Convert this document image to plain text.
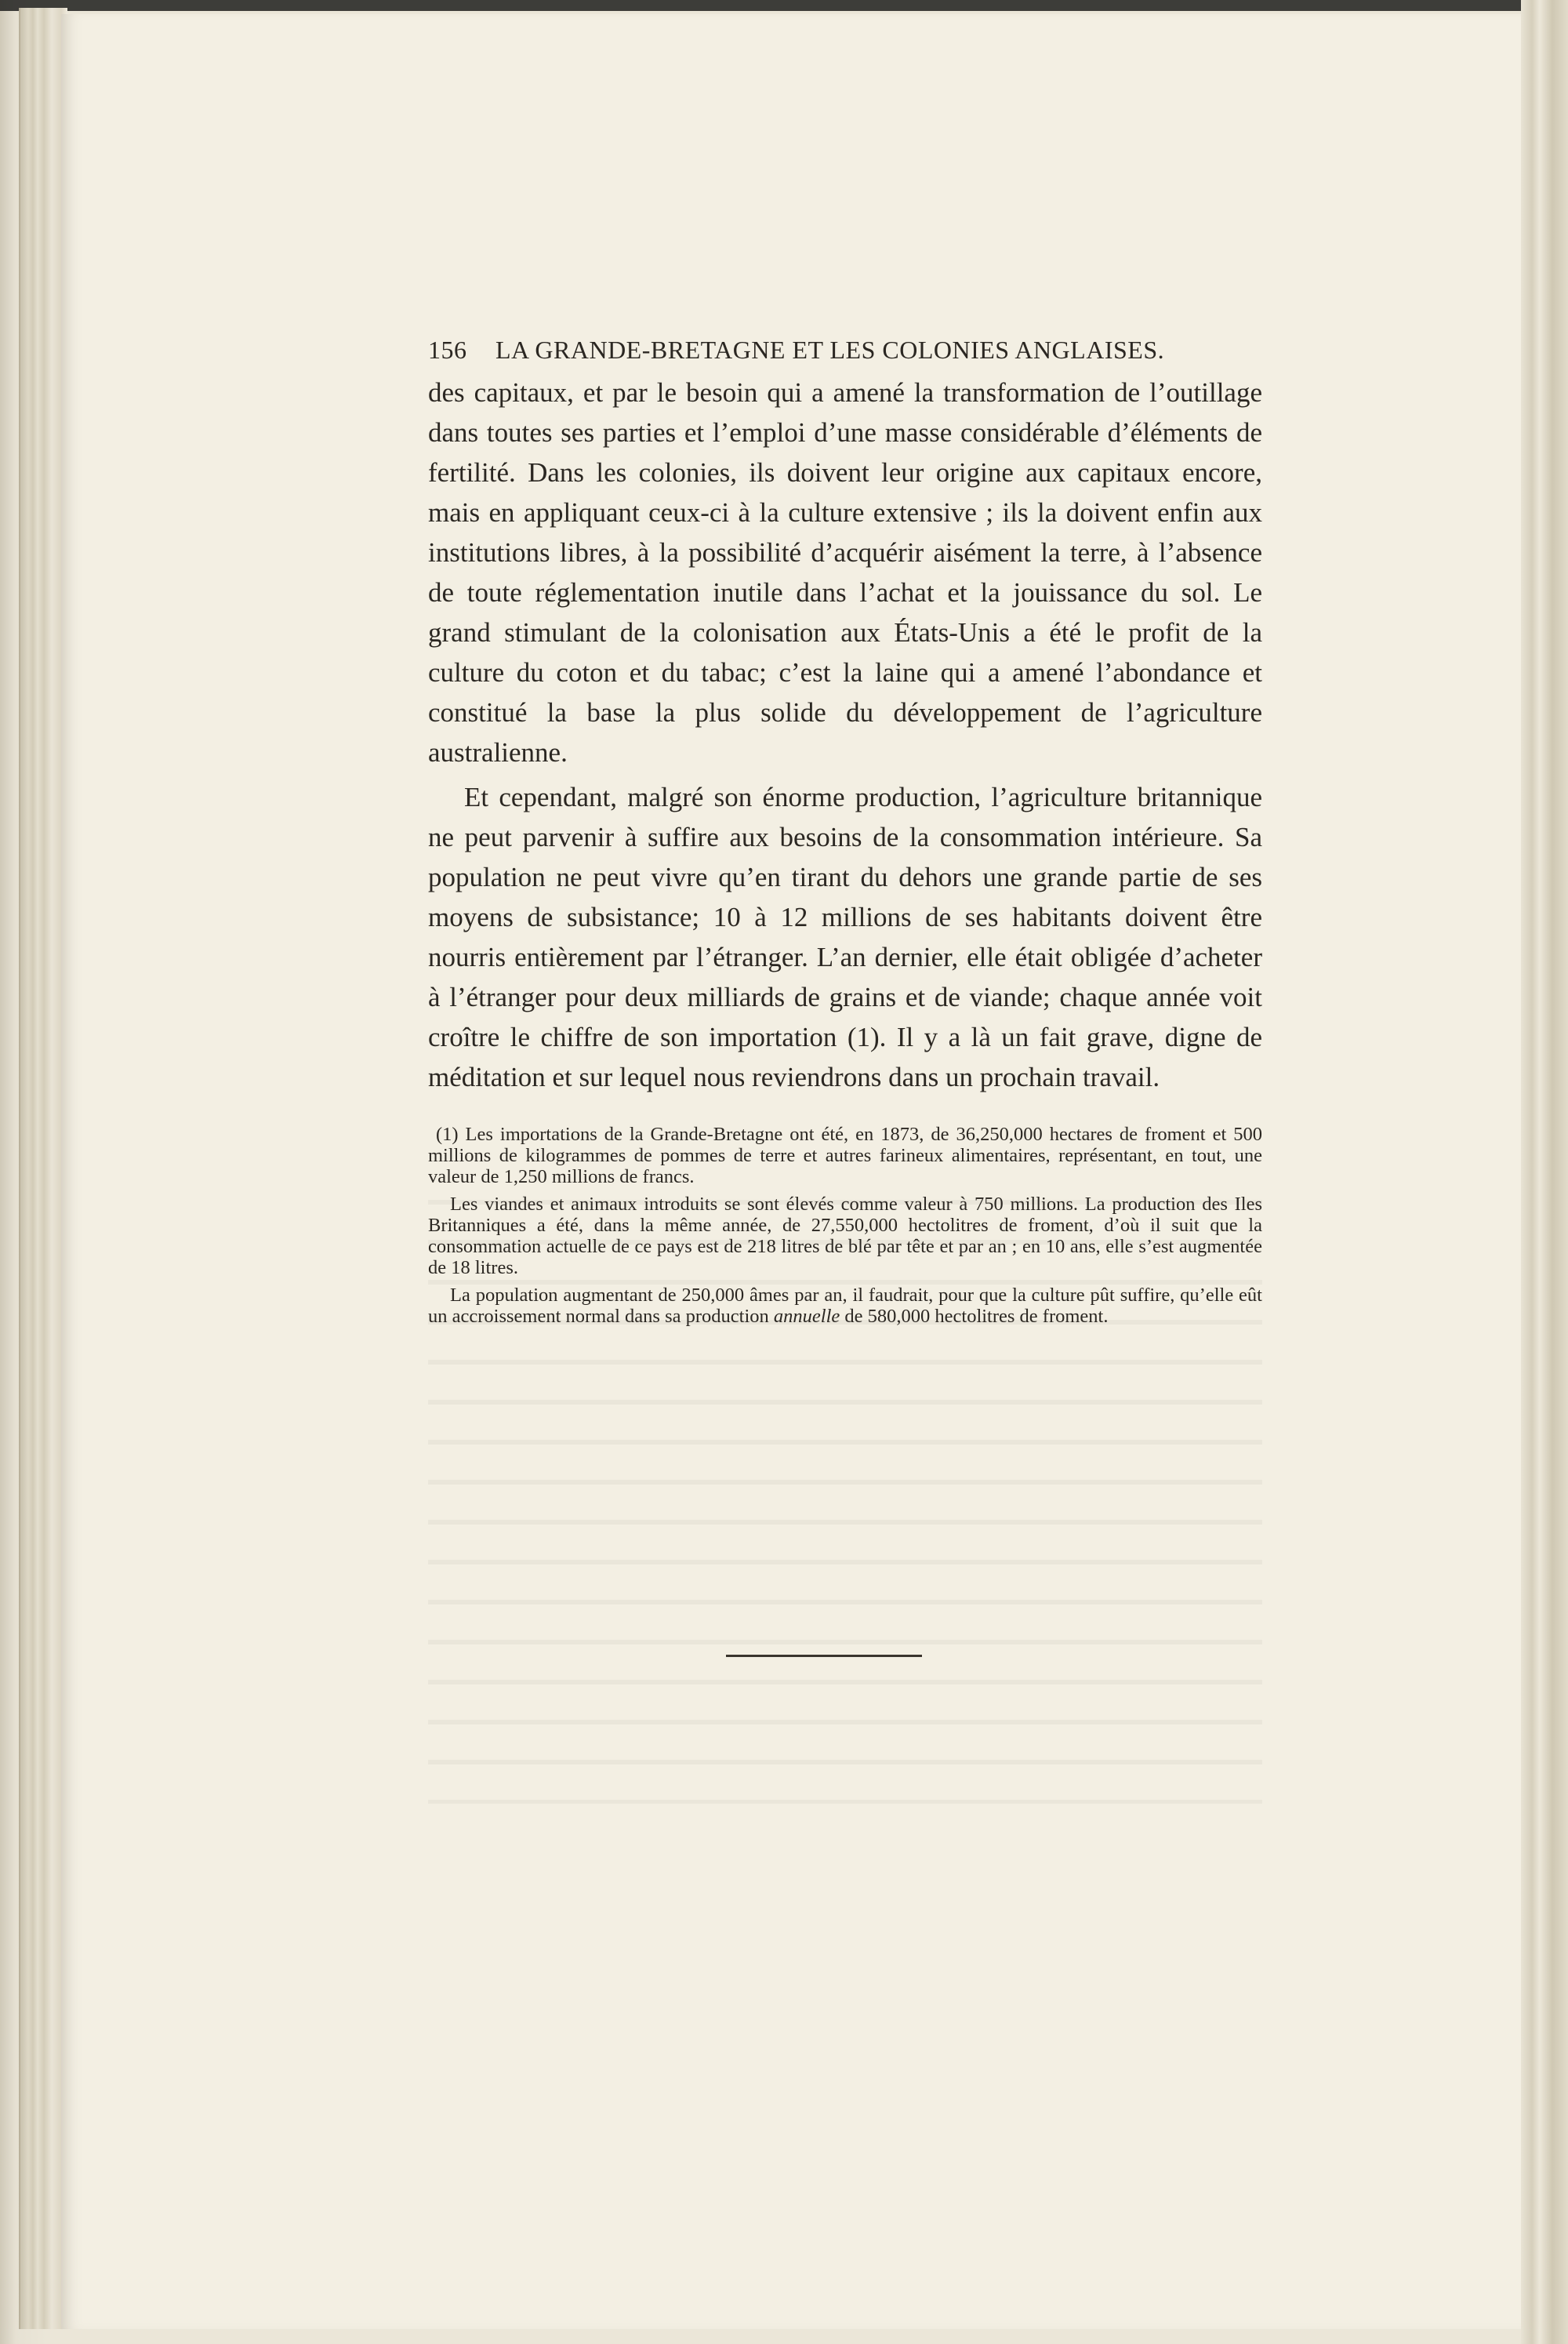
156	LA GRANDE-BRETAGNE ET LES COLONIES ANGLAISES.

des capitaux, et par le besoin qui a amené la transformation de l’outillage dans toutes ses parties et l’emploi d’une masse considérable d’éléments de fertilité. Dans les colonies, ils doivent leur origine aux capitaux encore, mais en appliquant ceux-ci à la culture extensive ; ils la doivent enfin aux institutions libres, à la possibilité d’acquérir aisément la terre, à l’absence de toute réglementation inutile dans l’achat et la jouissance du sol. Le grand stimulant de la colonisation aux États-Unis a été le profit de la culture du coton et du tabac; c’est la laine qui a amené l’abondance et constitué la base la plus solide du développement de l’agriculture australienne.

Et cependant, malgré son énorme production, l’agriculture britannique ne peut parvenir à suffire aux besoins de la consommation intérieure. Sa population ne peut vivre qu’en tirant du dehors une grande partie de ses moyens de subsistance; 10 à 12 millions de ses habitants doivent être nourris entièrement par l’étranger. L’an dernier, elle était obligée d’acheter à l’étranger pour deux milliards de grains et de viande; chaque année voit croître le chiffre de son importation (1). Il y a là un fait grave, digne de méditation et sur lequel nous reviendrons dans un prochain travail.

(1) Les importations de la Grande-Bretagne ont été, en 1873, de 36,250,000 hectares de froment et 500 millions de kilogrammes de pommes de terre et autres farineux alimentaires, représentant, en tout, une valeur de 1,250 millions de francs.

Les viandes et animaux introduits se sont élevés comme valeur à 750 millions. La production des Iles Britanniques a été, dans la même année, de 27,550,000 hectolitres de froment, d’où il suit que la consommation actuelle de ce pays est de 218 litres de blé par tête et par an ; en 10 ans, elle s’est augmentée de 18 litres.

La population augmentant de 250,000 âmes par an, il faudrait, pour que la culture pût suffire, qu’elle eût un accroissement normal dans sa production annuelle de 580,000 hectolitres de froment.
